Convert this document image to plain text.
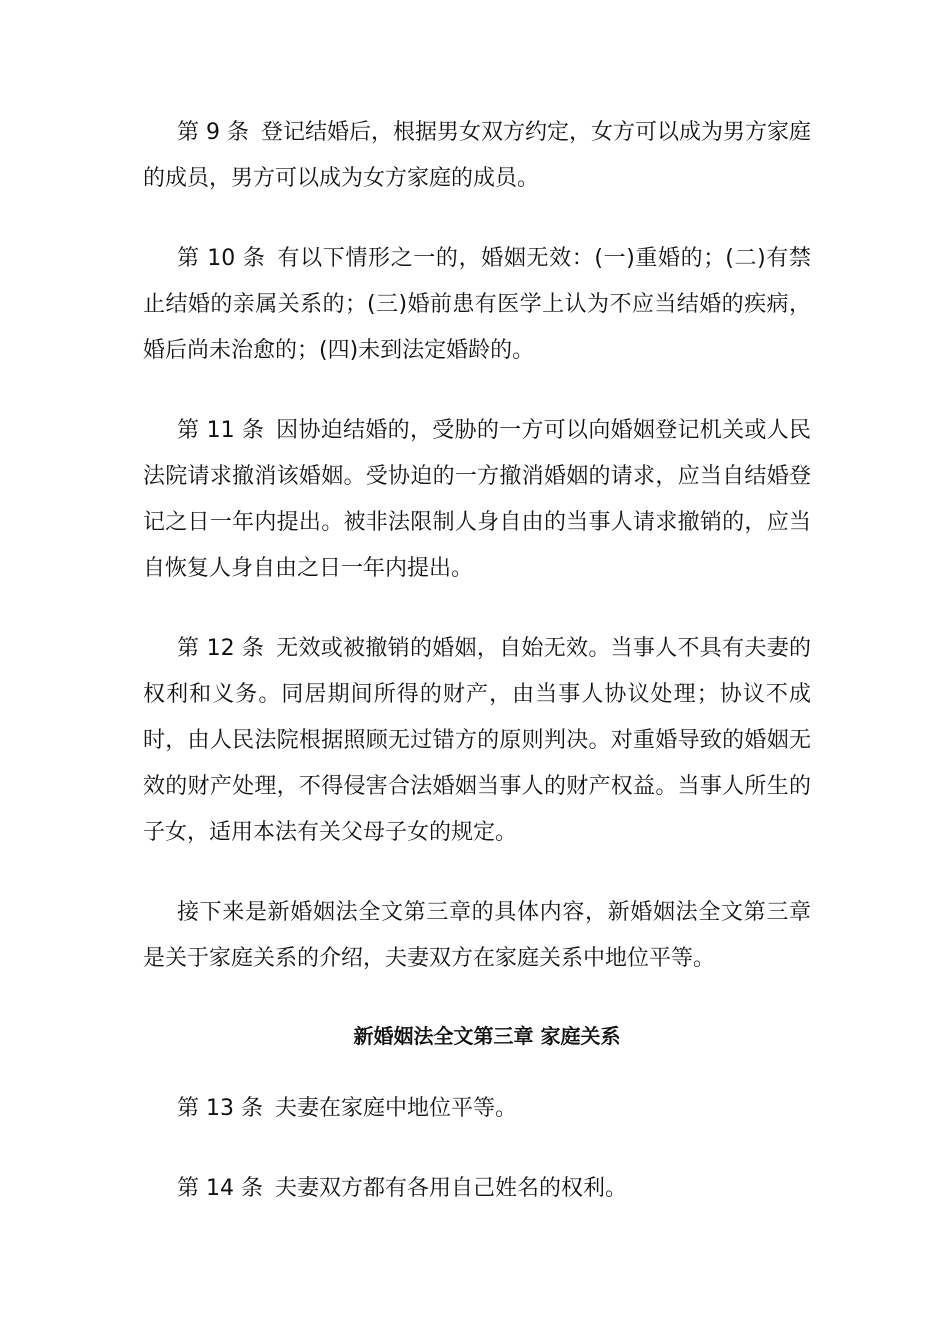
第 9 条 登记结婚后，根据男女双方约定，女方可以成为男方家庭的成员，男方可以成为女方家庭的成员。

第 10 条 有以下情形之一的，婚姻无效：(一)重婚的；(二)有禁止结婚的亲属关系的；(三)婚前患有医学上认为不应当结婚的疾病，婚后尚未治愈的；(四)未到法定婚龄的。

第 11 条 因协迫结婚的，受胁的一方可以向婚姻登记机关或人民法院请求撤消该婚姻。受协迫的一方撤消婚姻的请求，应当自结婚登记之日一年内提出。被非法限制人身自由的当事人请求撤销的，应当自恢复人身自由之日一年内提出。

第 12 条 无效或被撤销的婚姻，自始无效。当事人不具有夫妻的权利和义务。同居期间所得的财产，由当事人协议处理；协议不成时，由人民法院根据照顾无过错方的原则判决。对重婚导致的婚姻无效的财产处理，不得侵害合法婚姻当事人的财产权益。当事人所生的子女，适用本法有关父母子女的规定。

接下来是新婚姻法全文第三章的具体内容，新婚姻法全文第三章是关于家庭关系的介绍，夫妻双方在家庭关系中地位平等。

新婚姻法全文第三章 家庭关系

第 13 条 夫妻在家庭中地位平等。

第 14 条 夫妻双方都有各用自己姓名的权利。
